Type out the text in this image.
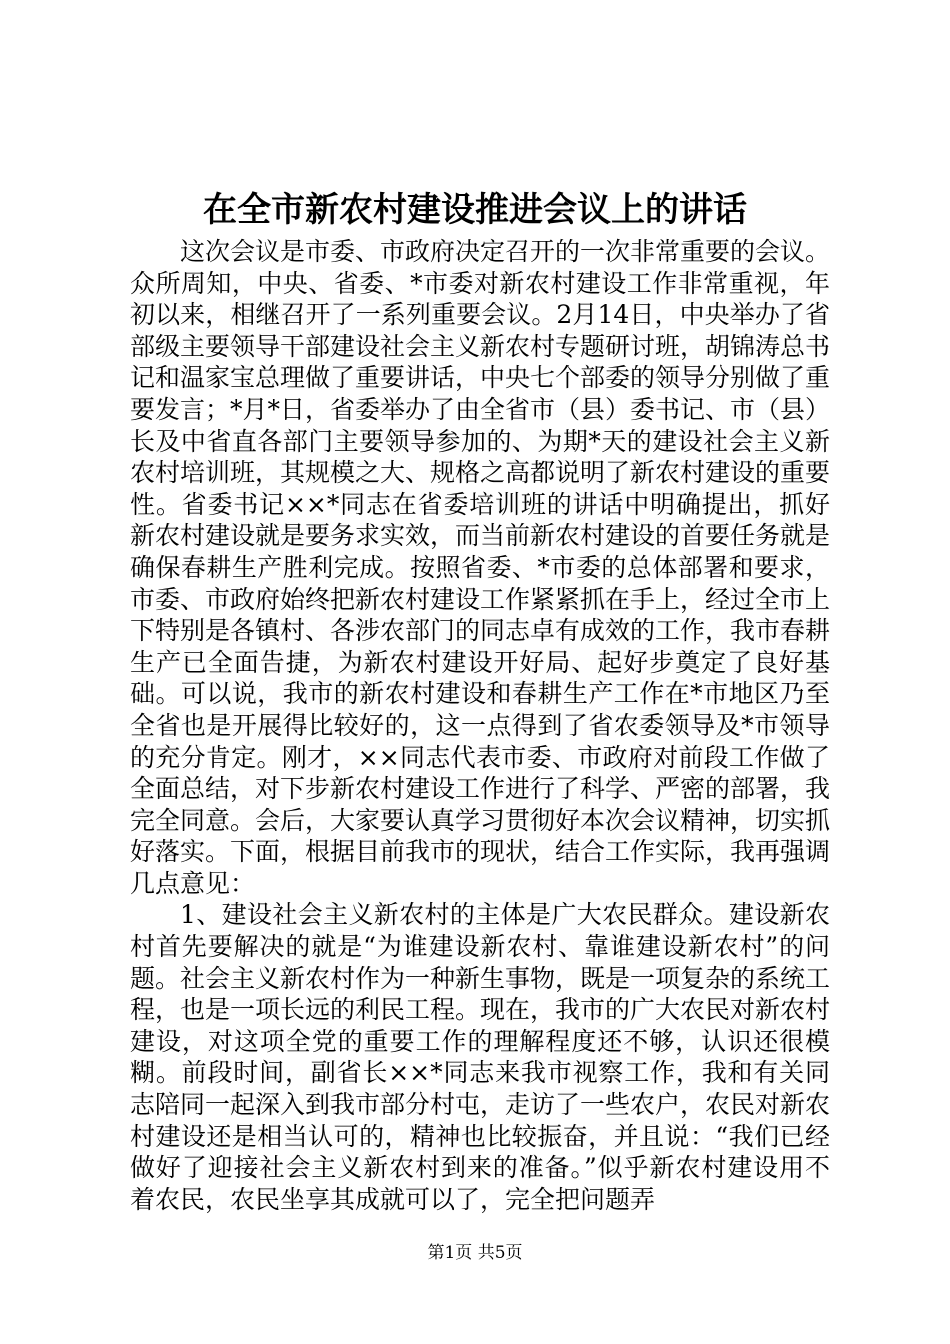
在全市新农村建设推进会议上的讲话

这次会议是市委、市政府决定召开的一次非常重要的会议。众所周知，中央、省委、*市委对新农村建设工作非常重视，年初以来，相继召开了一系列重要会议。2月14日，中央举办了省部级主要领导干部建设社会主义新农村专题研讨班，胡锦涛总书记和温家宝总理做了重要讲话，中央七个部委的领导分别做了重要发言；*月*日，省委举办了由全省市（县）委书记、市（县）长及中省直各部门主要领导参加的、为期*天的建设社会主义新农村培训班，其规模之大、规格之高都说明了新农村建设的重要性。省委书记××*同志在省委培训班的讲话中明确提出，抓好新农村建设就是要务求实效，而当前新农村建设的首要任务就是确保春耕生产胜利完成。按照省委、*市委的总体部署和要求，市委、市政府始终把新农村建设工作紧紧抓在手上，经过全市上下特别是各镇村、各涉农部门的同志卓有成效的工作，我市春耕生产已全面告捷，为新农村建设开好局、起好步奠定了良好基础。可以说，我市的新农村建设和春耕生产工作在*市地区乃至全省也是开展得比较好的，这一点得到了省农委领导及*市领导的充分肯定。刚才，××同志代表市委、市政府对前段工作做了全面总结，对下步新农村建设工作进行了科学、严密的部署，我完全同意。会后，大家要认真学习贯彻好本次会议精神，切实抓好落实。下面，根据目前我市的现状，结合工作实际，我再强调几点意见：

1、建设社会主义新农村的主体是广大农民群众。建设新农村首先要解决的就是“为谁建设新农村、靠谁建设新农村”的问题。社会主义新农村作为一种新生事物，既是一项复杂的系统工程，也是一项长远的利民工程。现在，我市的广大农民对新农村建设，对这项全党的重要工作的理解程度还不够，认识还很模糊。前段时间，副省长××*同志来我市视察工作，我和有关同志陪同一起深入到我市部分村屯，走访了一些农户，农民对新农村建设还是相当认可的，精神也比较振奋，并且说：“我们已经做好了迎接社会主义新农村到来的准备。”似乎新农村建设用不着农民，农民坐享其成就可以了，完全把问题弄

第1页 共5页
